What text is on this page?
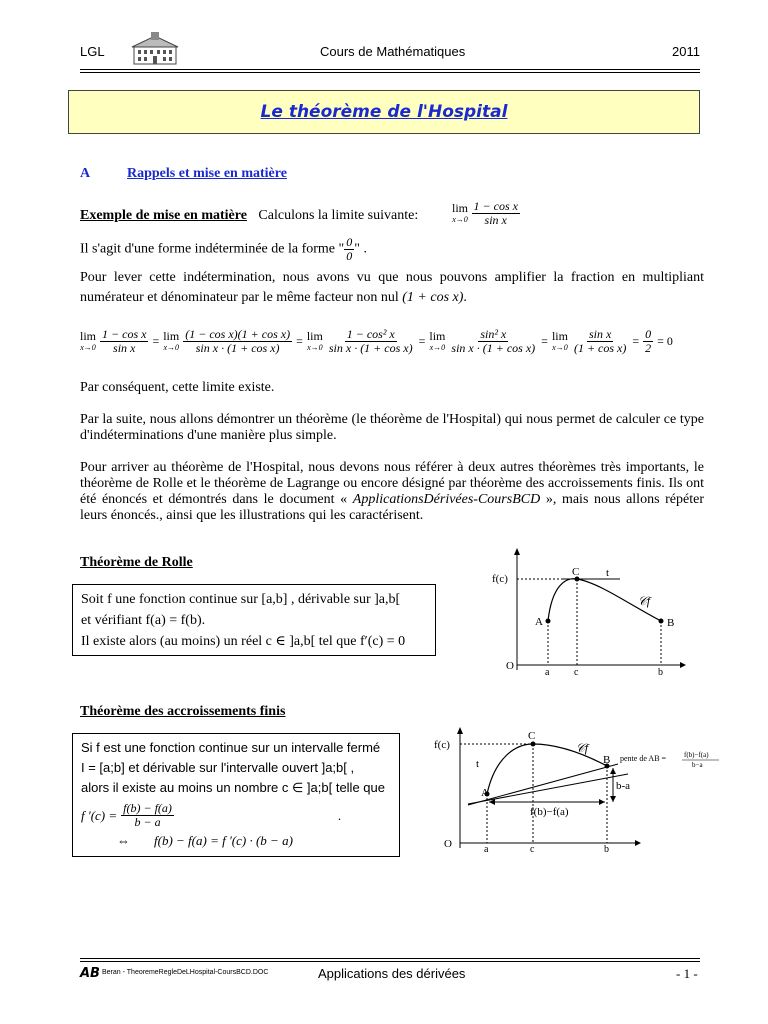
LGL	Cours de Mathématiques	2011
Le théorème de l'Hospital
A	Rappels et mise en matière
Exemple de mise en matière Calculons la limite suivante:
lim
x→0
$\frac{\text{1 − cos x}}{\text{sin x}}$
Il s'agit d'une forme indéterminée de la forme " $\frac{0}{0}$ " .
Pour lever cette indétermination, nous avons vu que nous pouvons amplifier la fraction en multipliant numérateur et dénominateur par le même facteur non nul (1 + cos x).
lim
$x\to 0 \frac{\text{1 − cos x}}{\text{sin x}} = \lim$
$x\to 0 \frac{\text{(1 − cos x)(1 + cos x)}}{\text{sin x · (1 + cos x)}} = \lim$
$x\to 0 \frac{\text{1 − cos² x}}{\text{sin x · (1 + cos x)}} = \lim$
$x\to 0 \frac{\text{sin² x}}{\text{sin x · (1 + cos x)}} = \lim$
$x\to 0 \frac{\text{sin x}}{\text{(1 + cos x)}} = \frac{0}{2} = 0$
Par conséquent, cette limite existe.
Par la suite, nous allons démontrer un théorème (le théorème de l'Hospital) qui nous permet de calculer ce type d'indéterminations d'une manière plus simple.
Pour arriver au théorème de l'Hospital, nous devons nous référer à deux autres théorèmes très importants, le théorème de Rolle et le théorème de Lagrange ou encore désigné par théorème des accroissements finis. Ils ont été énoncés et démontrés dans le document « ApplicationsDérivées-CoursBCD », mais nous allons répéter leurs énoncés., ainsi que les illustrations qui les caractérisent.
Théorème de Rolle
Soit f une fonction continue sur [a,b] , dérivable sur ]a,b[
et vérifiant f(a) = f(b).
Il existe alors (au moins) un réel c ∈ ]a,b[ tel que f′(c) = 0
f(c)
C t
𝒞f
A	B
O
a c	b
Théorème des accroissements finis
Si f est une fonction continue sur un intervalle fermé
I = [a;b] et dérivable sur l'intervalle ouvert ]a;b[ ,
alors il existe au moins un nombre c ∈ ]a;b[ telle que
f $'(c) = \frac{f(b) - f(a)}{b - a}$	.
⇔ f(b) − f(a) = f ′(c) · (b − a)
f(c)
C
𝒞f
t
A
B
b-a
f(b)−f(a)
O	a	c	b
pente de AB =	f(b)−f(a)
b−a
AB Beran - TheoremeRegleDeLHospital-CoursBCD.DOC	Applications des dérivées	- 1 -
